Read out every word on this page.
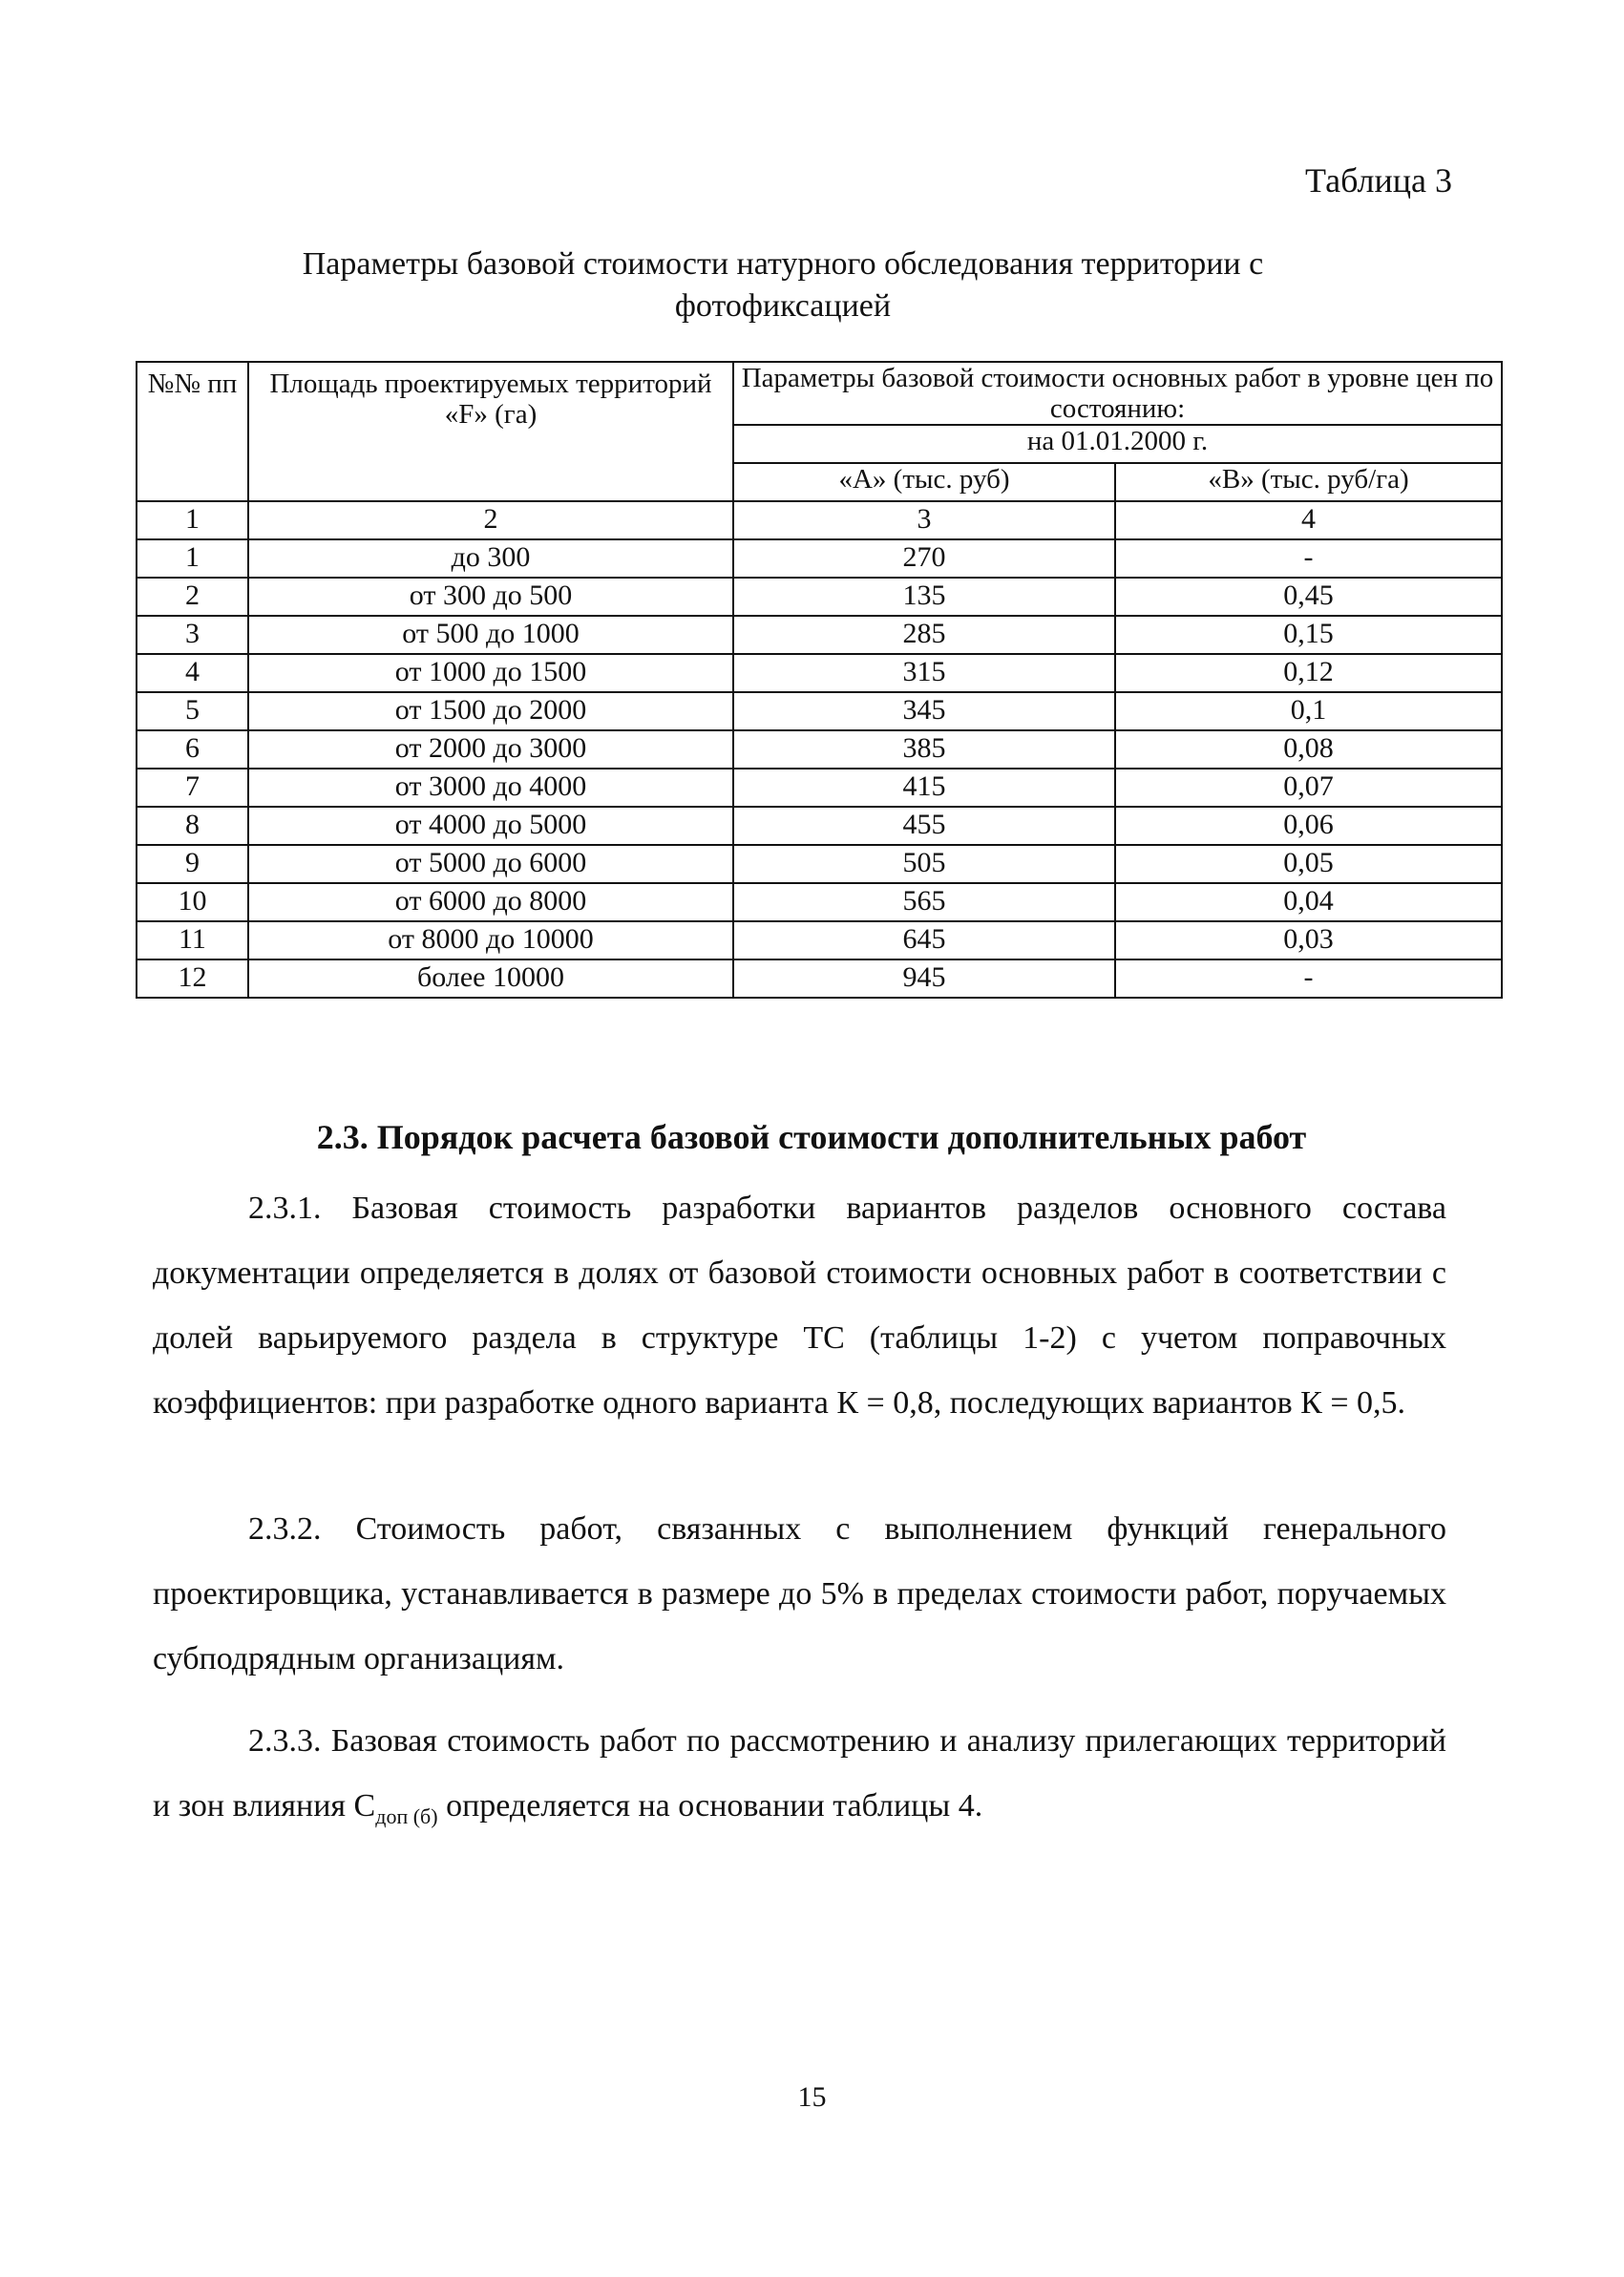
Таблица 3
Параметры базовой стоимости натурного обследования территории с фотофиксацией
№№ пп	Площадь проектируемых территорий «F» (га)	Параметры базовой стоимости основных работ в уровне цен по состоянию:	
		на 01.01.2000 г.	
		«А» (тыс. руб)	«В» (тыс. руб/га)
1	2	3	4
1	до 300	270	-
2	от 300 до 500	135	0,45
3	от 500 до 1000	285	0,15
4	от 1000 до 1500	315	0,12
5	от 1500 до 2000	345	0,1
6	от 2000 до 3000	385	0,08
7	от 3000 до 4000	415	0,07
8	от 4000 до 5000	455	0,06
9	от 5000 до 6000	505	0,05
10	от 6000 до 8000	565	0,04
11	от 8000 до 10000	645	0,03
12	более 10000	945	-
2.3. Порядок расчета базовой стоимости дополнительных работ

2.3.1. Базовая стоимость разработки вариантов разделов основного состава документации определяется в долях от базовой стоимости основных работ в соответствии с долей варьируемого раздела в структуре ТС (таблицы 1-2) с учетом поправочных коэффициентов: при разработке одного варианта К = 0,8, последующих вариантов К = 0,5.

2.3.2. Стоимость работ, связанных с выполнением функций генерального проектировщика, устанавливается в размере до 5% в пределах стоимости работ, поручаемых субподрядным организациям.

2.3.3. Базовая стоимость работ по рассмотрению и анализу прилегающих территорий и зон влияния $С_{доп (б)}$ определяется на основании таблицы 4.

15
